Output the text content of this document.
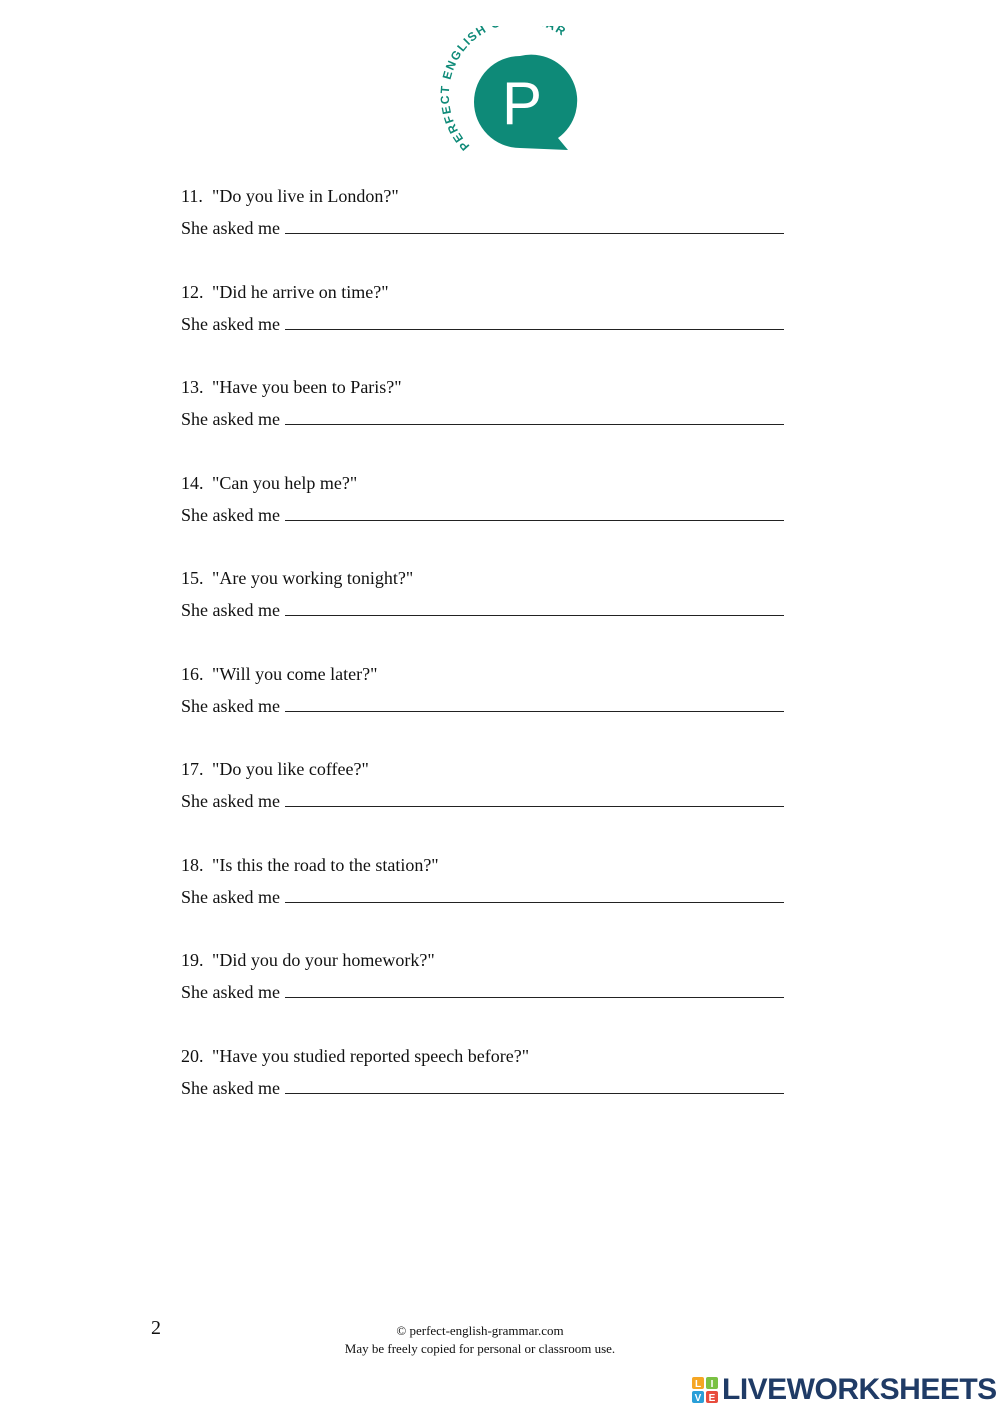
PERFE ENGLISH R
P
11. "Do you live in London?"
She asked me
12. "Did he arrive on time?"
She asked me
13. "Have you been to Paris?"
She asked me
14. "Can you help me?"
She asked me
15. "Are you working tonight?"
She asked me
16. "Will you come later?"
She asked me
17. "Do you like coffee?"
She asked me
18. "Is this the road to the station?"
She asked me
19. "Did you do your homework?"
She asked me
20. "Have you studied reported speech before?"
She asked me
2	© perfect-english-grammar.com
May be freely copied for personal or classroom use.
L I
V E LIVEWORKSHEETS
